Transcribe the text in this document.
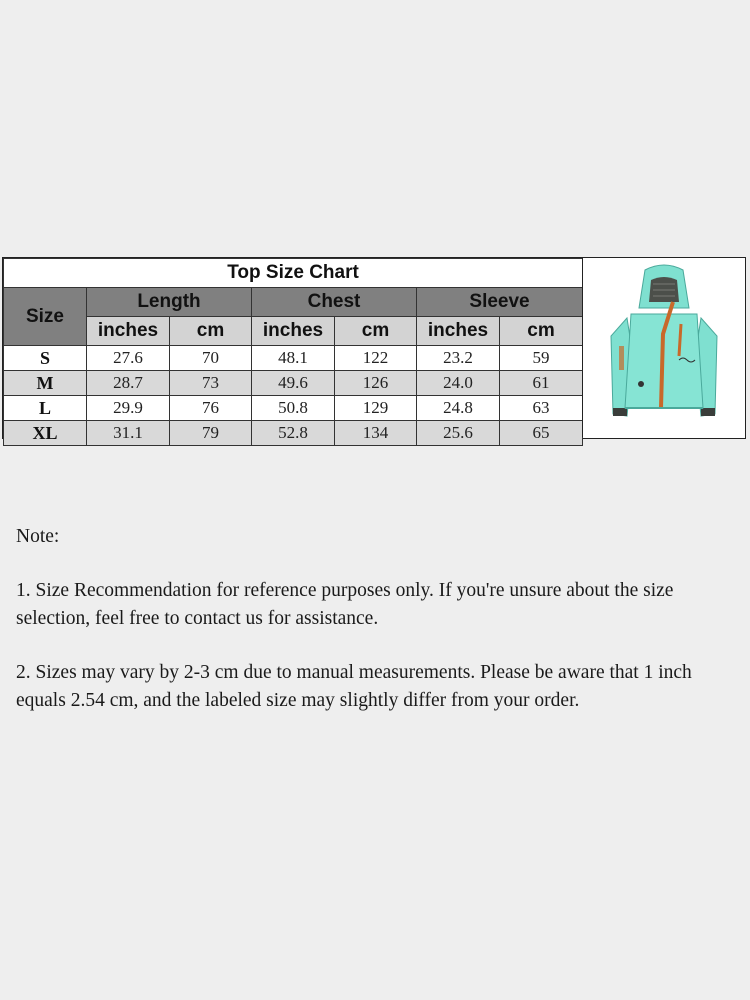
Top Size Chart						
Size	Length		Chest		Sleeve	
	inches	cm	inches	cm	inches	cm
S	27.6	70	48.1	122	23.2	59
M	28.7	73	49.6	126	24.0	61
L	29.9	76	50.8	129	24.8	63
XL	31.1	79	52.8	134	25.6	65

Note:

1. Size Recommendation for reference purposes only. If you're unsure about the size selection, feel free to contact us for assistance.

2. Sizes may vary by 2-3 cm due to manual measurements. Please be aware that 1 inch equals 2.54 cm, and the labeled size may slightly differ from your order.
